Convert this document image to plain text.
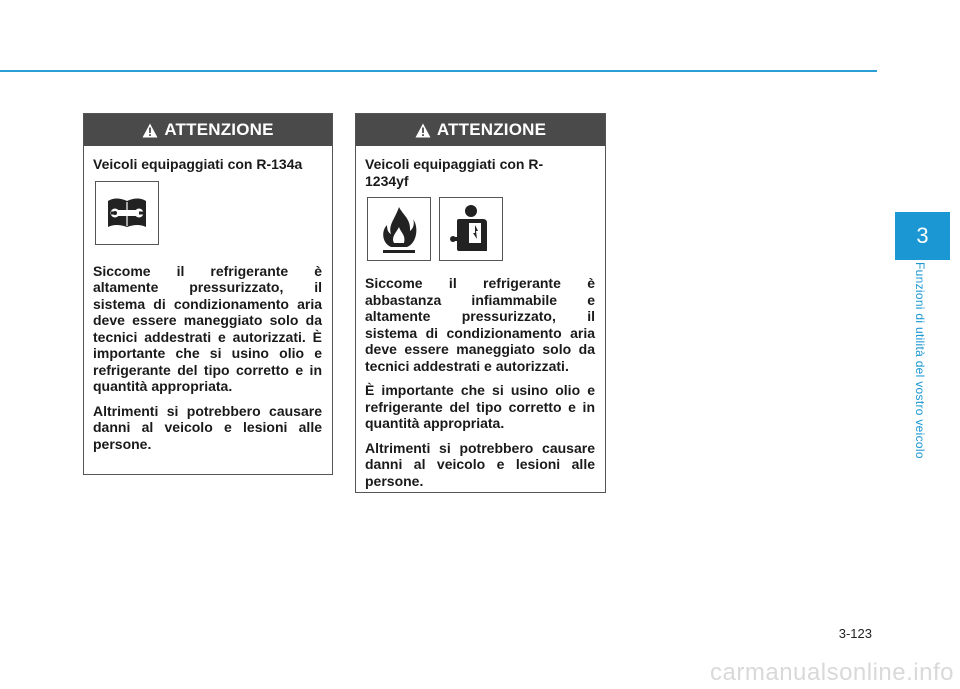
ATTENZIONE
Veicoli equipaggiati con R-134a

Siccome il refrigerante è altamente pressurizzato, il sistema di condizionamento aria deve essere maneggiato solo da tecnici addestrati e autorizzati. È importante che si usino olio e refrigerante del tipo corretto e in quantità appropriata.

Altrimenti si potrebbero causare danni al veicolo e lesioni alle persone.

ATTENZIONE
Veicoli equipaggiati con R-1234yf

Siccome il refrigerante è abbastanza infiammabile e altamente pressurizzato, il sistema di condizionamento aria deve essere maneggiato solo da tecnici addestrati e autorizzati.

È importante che si usino olio e refrigerante del tipo corretto e in quantità appropriata.

Altrimenti si potrebbero causare danni al veicolo e lesioni alle persone.

3
Funzioni di utilità del vostro veicolo
3-123
carmanualsonline.info
